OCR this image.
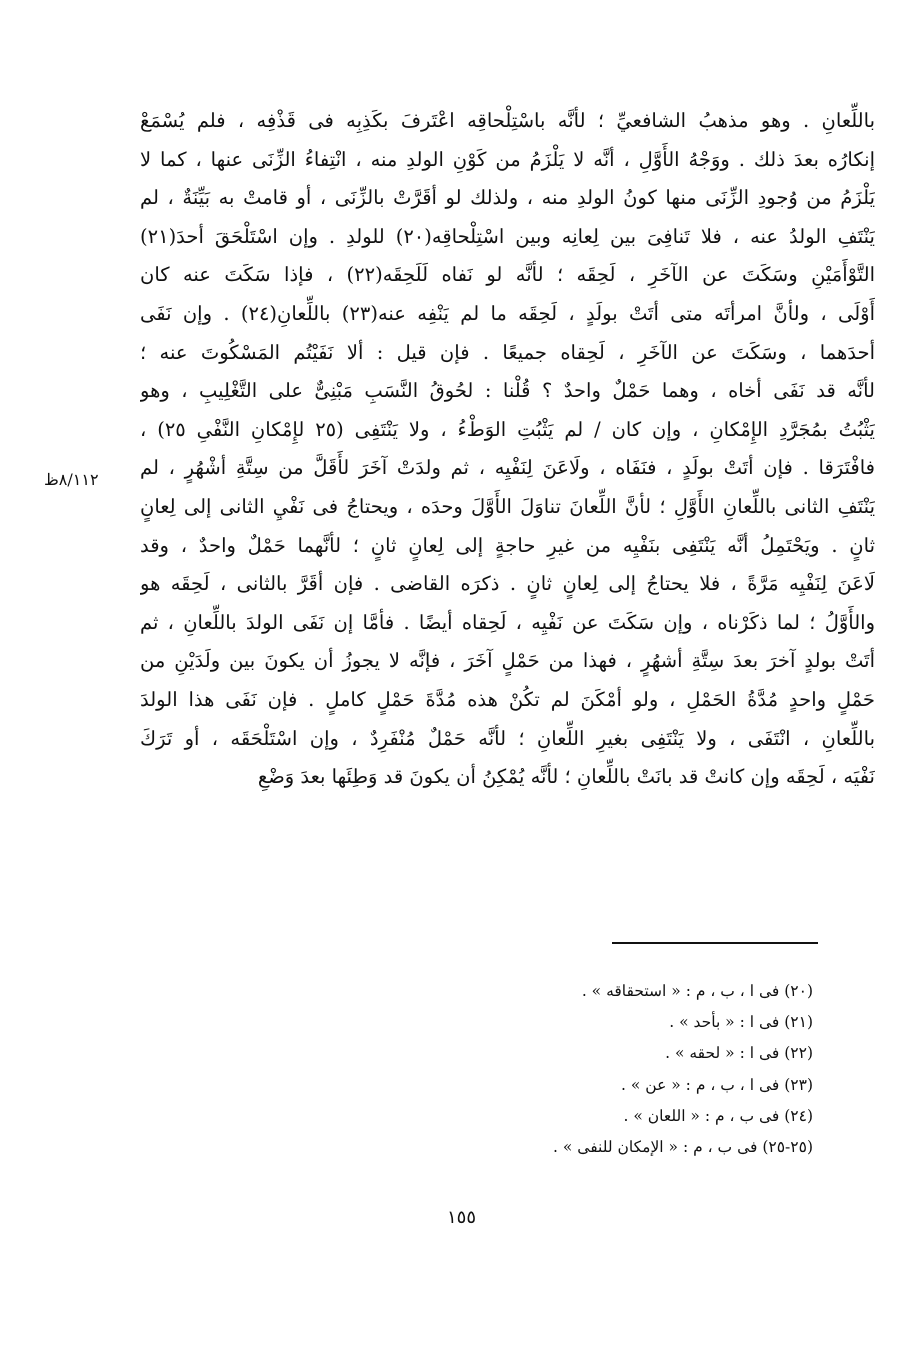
باللِّعانِ . وهو مذهبُ الشافعيِّ ؛ لأنَّه باسْتِلْحاقِه اعْتَرفَ بكَذِبِه فى قَذْفِه ، فلم يُسْمَعْ
إنكارُه بعدَ ذلك . ووَجْهُ الأَوَّلِ ، أنَّه لا يَلْزَمُ من كَوْنِ الولدِ منه ، انْتِفاءُ الزِّنَى عنها ، كما لا
يَلْزَمُ من وُجودِ الزِّنَى منها كونُ الولدِ منه ، ولذلك لو أقَرَّتْ بالزِّنَى ، أو قامتْ به بَيِّنَةٌ ، لم
يَنْتَفِ الولدُ عنه ، فلا تَنافِىَ بين لِعانِه وبين اسْتِلْحاقِه(٢٠) للولدِ . وإن اسْتَلْحَقَ أحدَ(٢١)
التَّوْأَمَيْنِ وسَكَتَ عن الآخَرِ ، لَحِقَه ؛ لأنَّه لو نَفاه لَلَحِقَه(٢٢) ، فإذا سَكَتَ عنه كان
أَوْلَى ، ولأنَّ امرأتَه متى أتَتْ بولَدٍ ، لَحِقَه ما لم يَنْفِه عنه(٢٣) باللِّعانِ(٢٤) . وإن نَفَى
أحدَهما ، وسَكَتَ عن الآخَرِ ، لَحِقاه جميعًا . فإن قيل : ألا نَفَيْتُم المَسْكُوتَ عنه ؛
لأنَّه قد نَفَى أخاه ، وهما حَمْلٌ واحدٌ ؟ قُلْنا : لحُوقُ النَّسَبِ مَبْنِىٌّ على التَّغْلِيبِ ، وهو
يَثْبُتُ بمُجَرَّدِ الإِمْكانِ ، وإن كان / لم يَثْبُتِ الوَطْءُ ، ولا يَنْتَفِى (٢٥ لإِمْكانِ النَّفْىِ ٢٥) ،
فافْتَرَقا . فإن أتَتْ بولَدٍ ، فنَفَاه ، ولَاعَنَ لِنَفْيِه ، ثم ولدَتْ آخَرَ لأَقَلَّ من سِتَّةِ أشْهُرٍ ، لم
يَنْتَفِ الثانى باللِّعانِ الأَوَّلِ ؛ لأنَّ اللِّعانَ تناوَلَ الأَوَّلَ وحدَه ، ويحتاجُ فى نَفْيِ الثانى إلى لِعانٍ
ثانٍ . ويَحْتَمِلُ أنَّه يَنْتَفِى بنَفْيِه من غيرِ حاجةٍ إلى لِعانٍ ثانٍ ؛ لأنَّهما حَمْلٌ واحدٌ ، وقد
لَاعَنَ لِنَفْيِه مَرَّةً ، فلا يحتاجُ إلى لِعانٍ ثانٍ . ذكرَه القاضى . فإن أقَرَّ بالثانى ، لَحِقَه هو
والأَوَّلُ ؛ لما ذكَرْناه ، وإن سَكَتَ عن نَفْيِه ، لَحِقاه أيضًا . فأمَّا إن نَفَى الولدَ باللِّعانِ ، ثم
أتَتْ بولدٍ آخرَ بعدَ سِتَّةِ أشهُرٍ ، فهذا من حَمْلٍ آخَرَ ، فإنَّه لا يجوزُ أن يكونَ بين ولَدَيْنِ من
حَمْلٍ واحدٍ مُدَّةُ الحَمْلِ ، ولو أمْكَنَ لم تكُنْ هذه مُدَّةَ حَمْلٍ كاملٍ . فإن نَفَى هذا الولدَ
باللِّعانِ ، انْتَفَى ، ولا يَنْتَفِى بغيرِ اللِّعانِ ؛ لأنَّه حَمْلٌ مُنْفَرِدٌ ، وإن اسْتَلْحَقَه ، أو تَرَكَ
نَفْيَه ، لَحِقَه وإن كانتْ قد بانَتْ باللِّعانِ ؛ لأنَّه يُمْكِنُ أن يكونَ قد وَطِئَها بعدَ وَضْعِ
٨/١١٢ظ
(٢٠) فى ا ، ب ، م : « استحقاقه » .
(٢١) فى ا : « بأحد » .
(٢٢) فى ا : « لحقه » .
(٢٣) فى ا ، ب ، م : « عن » .
(٢٤) فى ب ، م : « اللعان » .
(٢٥-٢٥) فى ب ، م : « الإمكان للنفى » .
١٥٥
